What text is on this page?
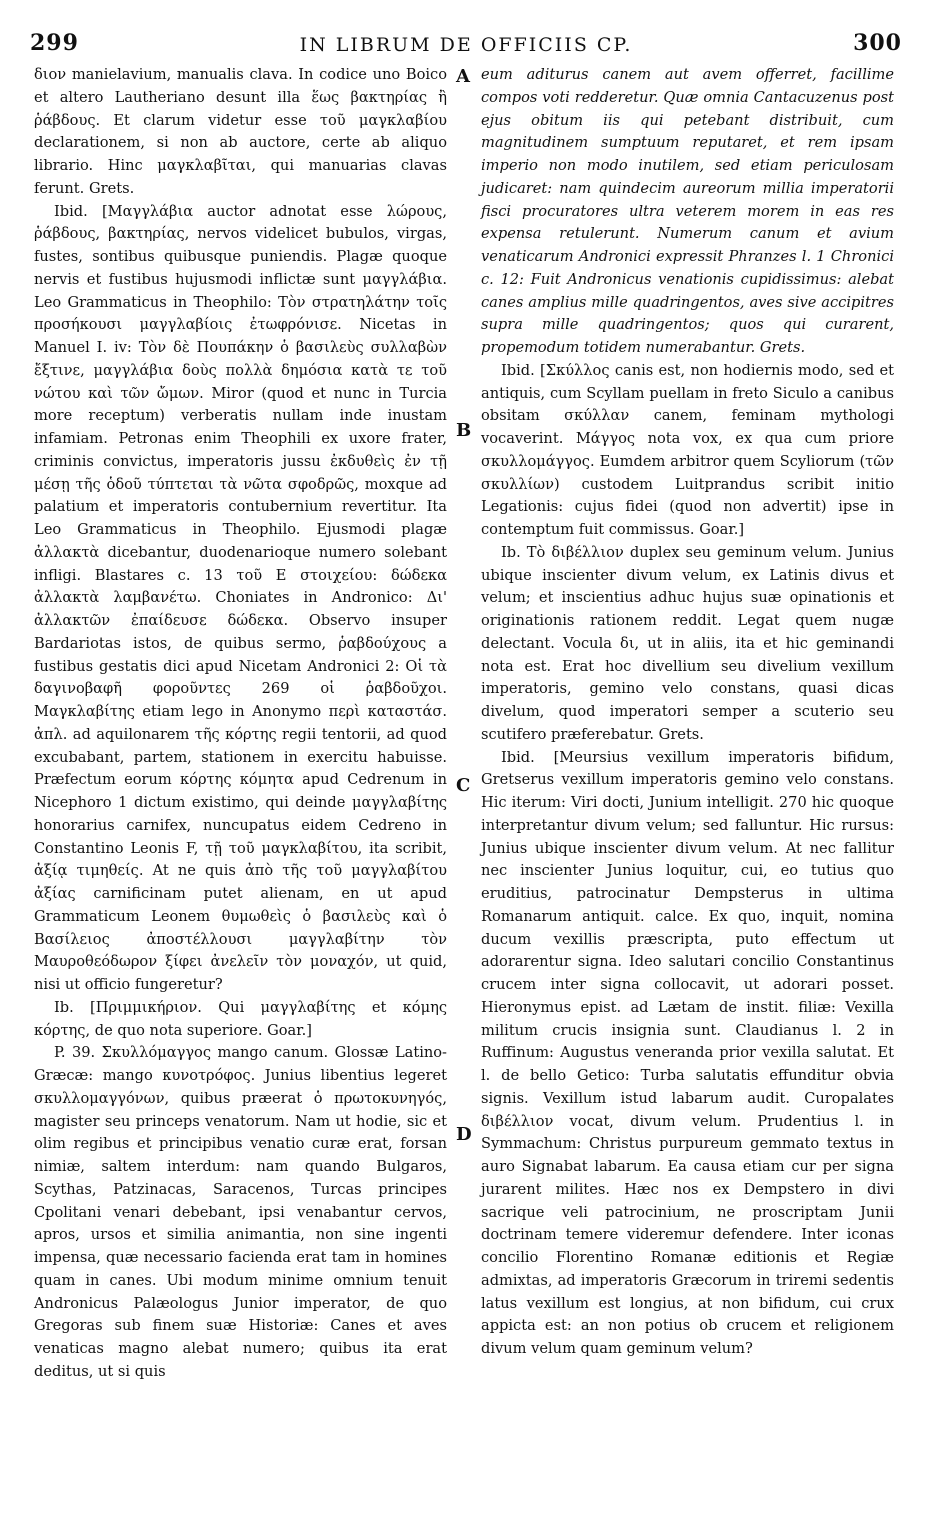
299	IN LIBRUM DE OFFICIIS CP.	300

διον manielavium, manualis clava. In codice uno Boico et altero Lautheriano desunt illa ἕως βακτηρίας ἢ ῥάβδους. Et clarum videtur esse τοῦ μαγκλαβίου declarationem, si non ab auctore, certe ab aliquo librario. Hinc μαγκλαβῖται, qui manuarias clavas ferunt. Grets.

Ibid. [Μαγγλάβια auctor adnotat esse λώρους, ῥάβδους, βακτηρίας, nervos videlicet bubulos, virgas, fustes, sontibus quibusque puniendis. Plagæ quoque nervis et fustibus hujusmodi inflictæ sunt μαγγλάβια. Leo Grammaticus in Theophilo: Τὸν στρατηλάτην τοῖς προσήκουσι μαγγλαβίοις ἐτωφρόνισε. Nicetas in Manuel I. iv: Τὸν δὲ Πουπάκην ὁ βασιλεὺς συλλαβὼν ἔξτινε, μαγγλάβια δοὺς πολλὰ δημόσια κατὰ τε τοῦ νώτου καὶ τῶν ὤμων. Miror (quod et nunc in Turcia more receptum) verberatis nullam inde inustam infamiam. Petronas enim Theophili ex uxore frater, criminis convictus, imperatoris jussu ἐκδυθεὶς ἐν τῇ μέσῃ τῆς ὁδοῦ τύπτεται τὰ νῶτα σφοδρῶς, moxque ad palatium et imperatoris contubernium revertitur. Ita Leo Grammaticus in Theophilo. Ejusmodi plagæ ἀλλακτὰ dicebantur, duodenarioque numero solebant infligi. Blastares c. 13 τοῦ Ε στοιχείου: δώδεκα ἀλλακτὰ λαμβανέτω. Choniates in Andronico: Δι' ἀλλακτῶν ἐπαίδευσε δώδεκα. Observo insuper Bardariotas istos, de quibus sermo, ῥαβδούχους a fustibus gestatis dici apud Nicetam Andronici 2: Οἱ τὰ δαγινοβαφῆ φοροῦντες 269 οἱ ῥαβδοῦχοι. Μαγκλαβίτης etiam lego in Anonymo περὶ καταστάσ. ἀπλ. ad aquilonarem τῆς κόρτης regii tentorii, ad quod excubabant, partem, stationem in exercitu habuisse. Præfectum eorum κόρτης κόμητα apud Cedrenum in Nicephoro 1 dictum existimo, qui deinde μαγγλαβίτης honorarius carnifex, nuncupatus eidem Cedreno in Constantino Leonis F, τῇ τοῦ μαγκλαβίτου, ita scribit, ἀξίᾳ τιμηθείς. At ne quis ἀπὸ τῆς τοῦ μαγγλαβίτου ἀξίας carnificinam putet alienam, en ut apud Grammaticum Leonem θυμωθεὶς ὁ βασιλεὺς καὶ ὁ Βασίλειος ἀποστέλλουσι μαγγλαβίτην τὸν Μαυροθεόδωρον ξίφει ἀνελεῖν τὸν μοναχόν, ut quid, nisi ut officio fungeretur?

Ib. [Πριμμικήριον. Qui μαγγλαβίτης et κόμης κόρτης, de quo nota superiore. Goar.]

P. 39. Σκυλλόμαγγος mango canum. Glossæ Latino-Græcæ: mango κυνοτρόφος. Junius libentius legeret σκυλλομαγγόνων, quibus præerat ὁ πρωτοκυνηγός, magister seu princeps venatorum. Nam ut hodie, sic et olim regibus et principibus venatio curæ erat, forsan nimiæ, saltem interdum: nam quando Bulgaros, Scythas, Patzinacas, Saracenos, Turcas principes Cpolitani venari debebant, ipsi venabantur cervos, apros, ursos et similia animantia, non sine ingenti impensa, quæ necessario facienda erat tam in homines quam in canes. Ubi modum minime omnium tenuit Andronicus Palæologus Junior imperator, de quo Gregoras sub finem suæ Historiæ: Canes et aves venaticas magno alebat numero; quibus ita erat deditus, ut si quis

A
B
C
D

eum aditurus canem aut avem offerret, facillime compos voti redderetur. Quæ omnia Cantacuzenus post ejus obitum iis qui petebant distribuit, cum magnitudinem sumptuum reputaret, et rem ipsam imperio non modo inutilem, sed etiam periculosam judicaret: nam quindecim aureorum millia imperatorii fisci procuratores ultra veterem morem in eas res expensa retulerunt. Numerum canum et avium venaticarum Andronici expressit Phranzes l. 1 Chronici c. 12: Fuit Andronicus venationis cupidissimus: alebat canes amplius mille quadringentos, aves sive accipitres supra mille quadringentos; quos qui curarent, propemodum totidem numerabantur. Grets.

Ibid. [Σκύλλος canis est, non hodiernis modo, sed et antiquis, cum Scyllam puellam in freto Siculo a canibus obsitam σκύλλαν canem, feminam mythologi vocaverint. Μάγγος nota vox, ex qua cum priore σκυλλομάγγος. Eumdem arbitror quem Scyliorum (τῶν σκυλλίων) custodem Luitprandus scribit initio Legationis: cujus fidei (quod non advertit) ipse in contemptum fuit commissus. Goar.]

Ib. Τὸ διβέλλιον duplex seu geminum velum. Junius ubique inscienter divum velum, ex Latinis divus et velum; et inscientius adhuc hujus suæ opinationis et originationis rationem reddit. Legat quem nugæ delectant. Vocula δι, ut in aliis, ita et hic geminandi nota est. Erat hoc divellium seu divelium vexillum imperatoris, gemino velo constans, quasi dicas divelum, quod imperatori semper a scuterio seu scutifero præferebatur. Grets.

Ibid. [Meursius vexillum imperatoris bifidum, Gretserus vexillum imperatoris gemino velo constans. Hic iterum: Viri docti, Junium intelligit. 270 hic quoque interpretantur divum velum; sed falluntur. Hic rursus: Junius ubique inscienter divum velum. At nec fallitur nec inscienter Junius loquitur, cui, eo tutius quo eruditius, patrocinatur Dempsterus in ultima Romanarum antiquit. calce. Ex quo, inquit, nomina ducum vexillis præscripta, puto effectum ut adorarentur signa. Ideo salutari concilio Constantinus crucem inter signa collocavit, ut adorari posset. Hieronymus epist. ad Lætam de instit. filiæ: Vexilla militum crucis insignia sunt. Claudianus l. 2 in Ruffinum: Augustus veneranda prior vexilla salutat. Et l. de bello Getico: Turba salutatis effunditur obvia signis. Vexillum istud labarum audit. Curopalates διβέλλιον vocat, divum velum. Prudentius l. in Symmachum: Christus purpureum gemmato textus in auro Signabat labarum. Ea causa etiam cur per signa jurarent milites. Hæc nos ex Dempstero in divi sacrique veli patrocinium, ne proscriptam Junii doctrinam temere videremur defendere. Inter iconas concilio Florentino Romanæ editionis et Regiæ admixtas, ad imperatoris Græcorum in triremi sedentis latus vexillum est longius, at non bifidum, cui crux appicta est: an non potius ob crucem et religionem divum velum quam geminum velum?
